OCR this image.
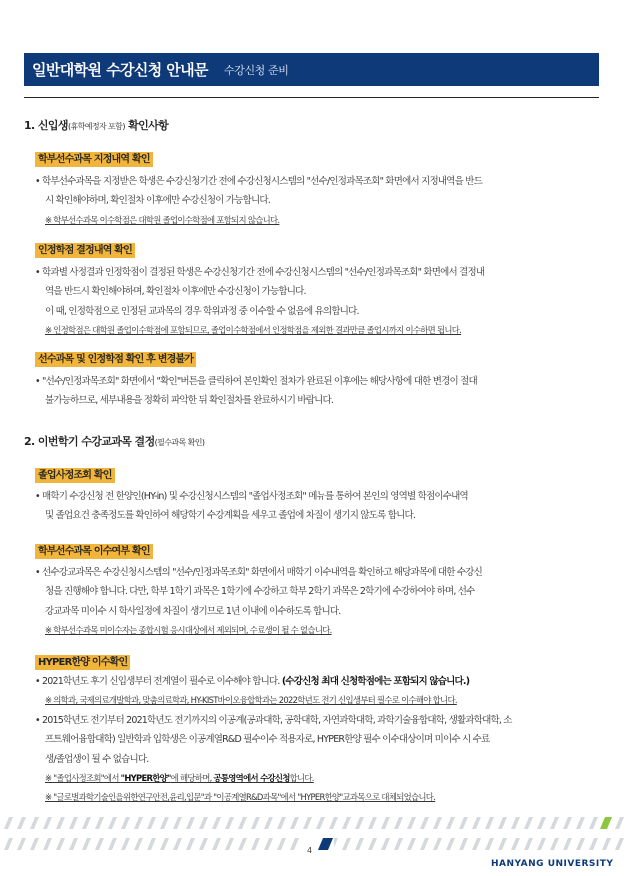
일반대학원 수강신청 안내문 수강신청 준비
1. 신입생(휴학예정자 포함) 확인사항
학부선수과목 지정내역 확인
• 학부선수과목을 지정받은 학생은 수강신청기간 전에 수강신청시스템의 "선수/인정과목조회" 화면에서 지정내역을 반드
시 확인해야하며, 확인절차 이후에만 수강신청이 가능합니다.
※ 학부선수과목 이수학점은 대학원 졸업이수학점에 포함되지 않습니다.
인정학점 결정내역 확인
• 학과별 사정결과 인정학점이 결정된 학생은 수강신청기간 전에 수강신청시스템의 "선수/인정과목조회" 화면에서 결정내
역을 반드시 확인해야하며, 확인절차 이후에만 수강신청이 가능합니다.
이 때, 인정학점으로 인정된 교과목의 경우 학위과정 중 이수할 수 없음에 유의합니다.
※ 인정학점은 대학원 졸업이수학점에 포함되므로, 졸업이수학점에서 인정학점을 제외한 결과만큼 졸업시까지 이수하면 됩니다.
선수과목 및 인정학점 확인 후 변경불가
• "선수/인정과목조회" 화면에서 "확인"버튼을 클릭하여 본인확인 절차가 완료된 이후에는 해당사항에 대한 변경이 절대
불가능하므로, 세부내용을 정확히 파악한 뒤 확인절차를 완료하시기 바랍니다.
2. 이번학기 수강교과목 결정(필수과목 확인)
졸업사정조회 확인
• 매학기 수강신청 전 한양인(HY-in) 및 수강신청시스템의 "졸업사정조회" 메뉴를 통하여 본인의 영역별 학점이수내역
및 졸업요건 충족정도를 확인하여 해당학기 수강계획을 세우고 졸업에 차질이 생기지 않도록 합니다.
학부선수과목 이수여부 확인
• 선수강교과목은 수강신청시스템의 "선수/인정과목조회" 화면에서 매학기 이수내역을 확인하고 해당과목에 대한 수강신
청을 진행해야 합니다. 다만, 학부 1학기 과목은 1학기에 수강하고 학부 2학기 과목은 2학기에 수강하여야 하며, 선수
강교과목 미이수 시 학사일정에 차질이 생기므로 1년 이내에 이수하도록 합니다.
※ 학부선수과목 미이수자는 종합시험 응시대상에서 제외되며, 수료생이 될 수 없습니다.
HYPER한양 이수확인
• 2021학년도 후기 신입생부터 전계열이 필수로 이수해야 합니다. (수강신청 최대 신청학점에는 포함되지 않습니다.)
※ 의학과, 국제의료개발학과, 맞춤의료학과, HY-KIST바이오융합학과는 2022학년도 전기 신입생부터 필수로 이수해야 합니다.
• 2015학년도 전기부터 2021학년도 전기까지의 이공계(공과대학, 공학대학, 자연과학대학, 과학기술융합대학, 생활과학대학, 소
프트웨어융합대학) 일반학과 입학생은 이공계열R&D 필수이수 적용자로, HYPER한양 필수 이수대상이며 미이수 시 수료
생/졸업생이 될 수 없습니다.
※ "졸업사정조회"에서 "HYPER한양"에 해당하며, 공통영역에서 수강신청합니다.
※ "글로벌과학기술인을위한연구안전,윤리,입문"과 "이공계열R&D과목"에서 "HYPER한양"교과목으로 대체되었습니다.
4
HANYANG UNIVERSITY
